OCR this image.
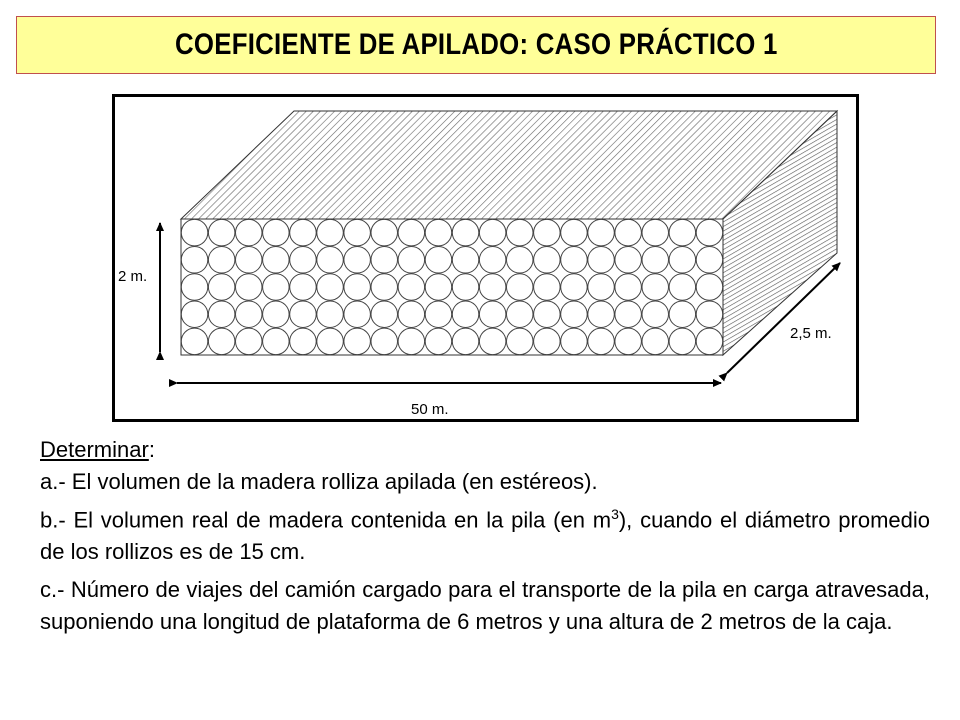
COEFICIENTE DE APILADO: CASO PRÁCTICO 1
2 m.
50 m.
2,5 m.

Determinar:

a.- El volumen de la madera rolliza apilada (en estéreos).

b.- El volumen real de madera contenida en la pila (en $m^3$), cuando el diámetro promedio de los rollizos es de 15 cm.

c.- Número de viajes del camión cargado para el transporte de la pila en carga atravesada, suponiendo una longitud de plataforma de 6 metros y una altura de 2 metros de la caja.
